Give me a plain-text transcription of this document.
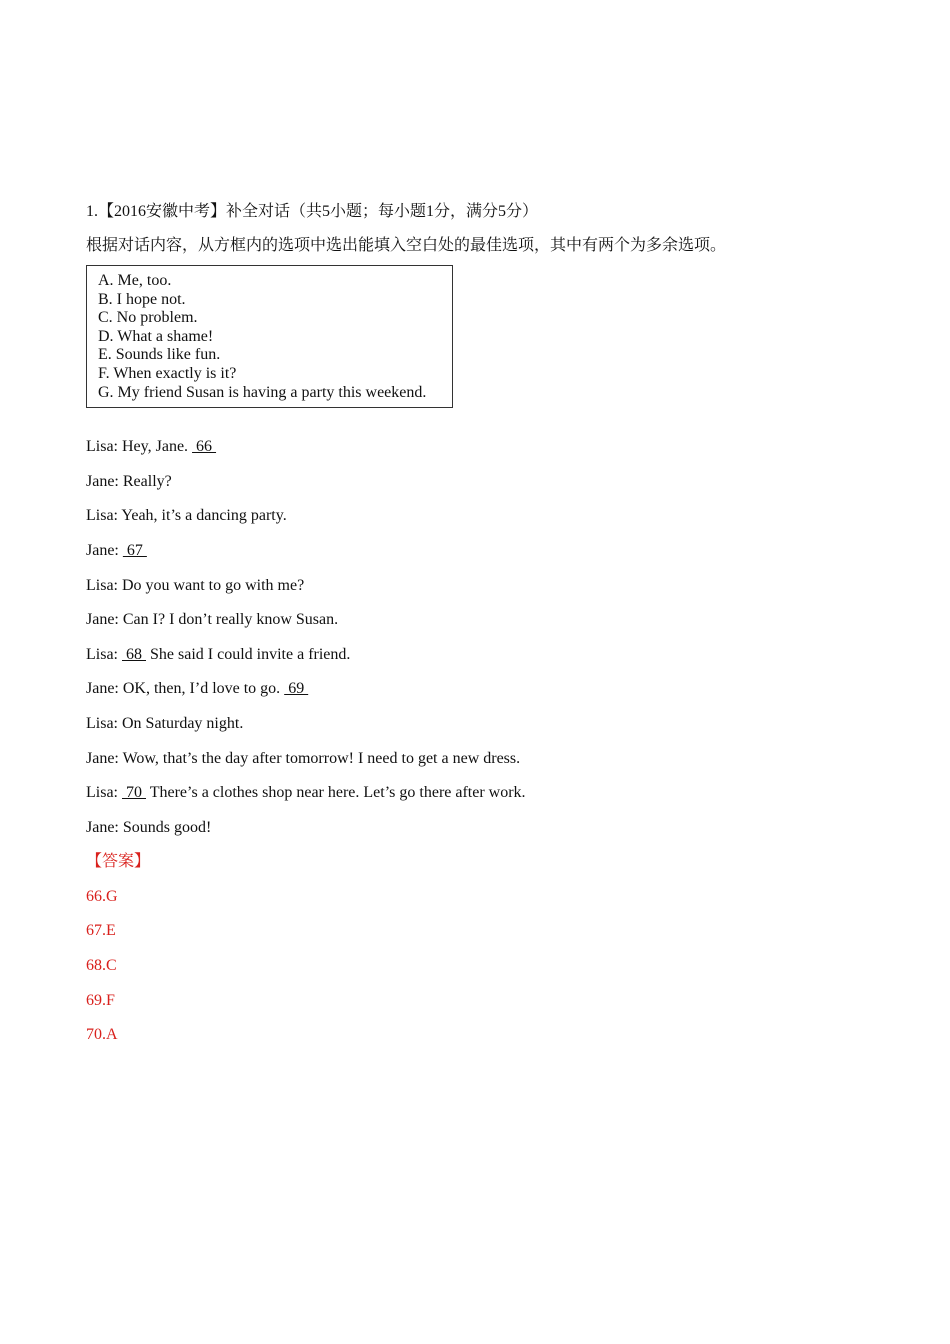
1.【2016安徽中考】补全对话（共5小题；每小题1分，满分5分）

根据对话内容，从方框内的选项中选出能填入空白处的最佳选项，其中有两个为多余选项。

A. Me, too.

B. I hope not.

C. No problem.

D. What a shame!

E. Sounds like fun.

F. When exactly is it?

G. My friend Susan is having a party this weekend.

Lisa: Hey, Jane.  66

Jane: Really?

Lisa: Yeah, it’s a dancing party.

Jane:  67

Lisa: Do you want to go with me?

Jane: Can I? I don’t really know Susan.

Lisa:  68  She said I could invite a friend.

Jane: OK, then, I’d love to go.  69

Lisa: On Saturday night.

Jane: Wow, that’s the day after tomorrow! I need to get a new dress.

Lisa:  70  There’s a clothes shop near here. Let’s go there after work.

Jane: Sounds good!

【答案】

66.G

67.E

68.C

69.F

70.A
